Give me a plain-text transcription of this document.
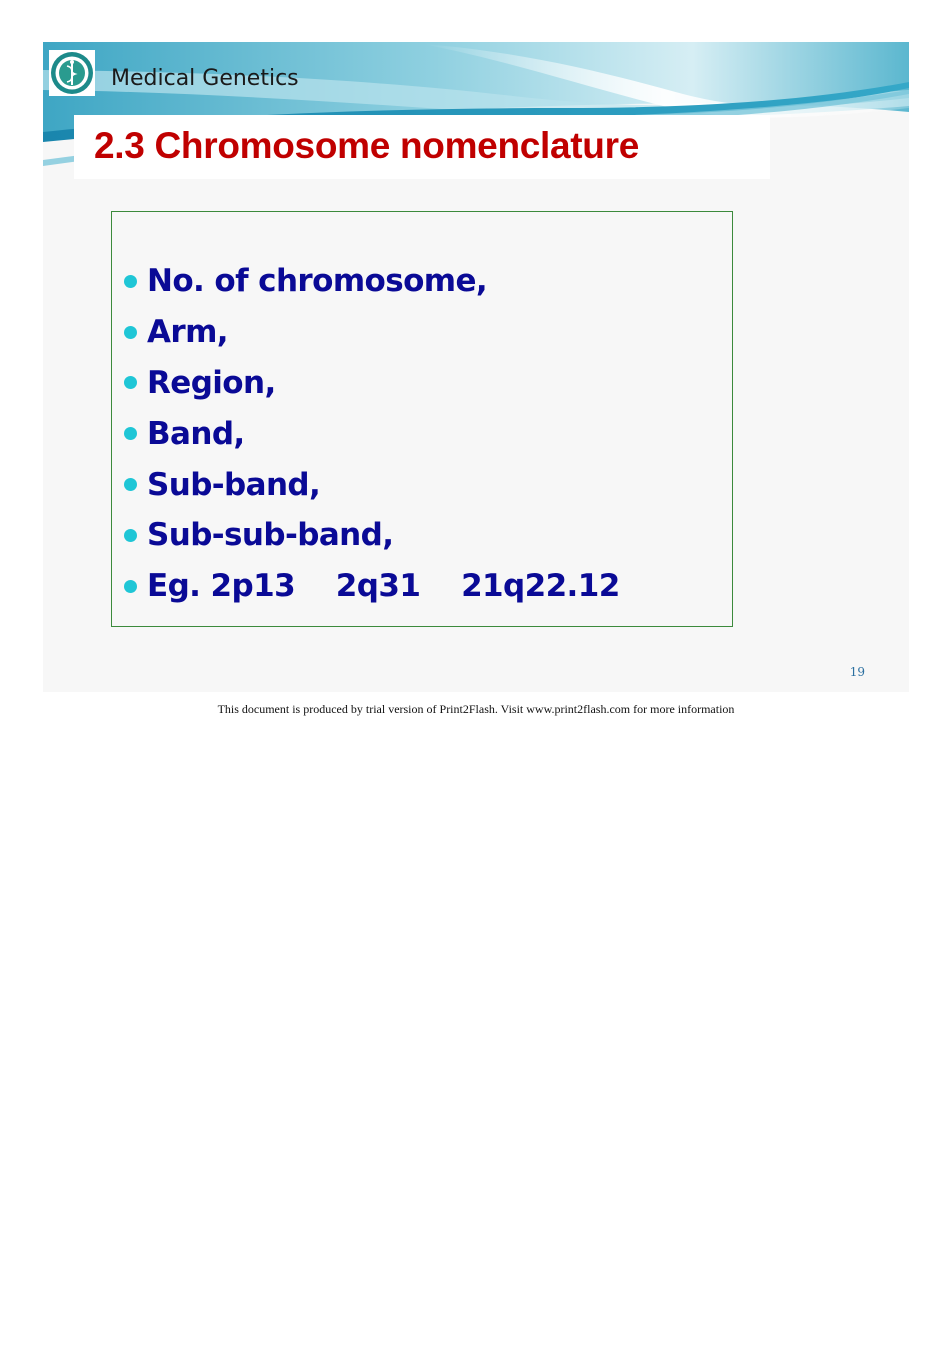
Medical Genetics
2.3 Chromosome nomenclature
No. of chromosome,
Arm,
Region,
Band,
Sub-band,
Sub-sub-band,
Eg. 2p13    2q31    21q22.12
19
This document is produced by trial version of Print2Flash. Visit www.print2flash.com for more information
